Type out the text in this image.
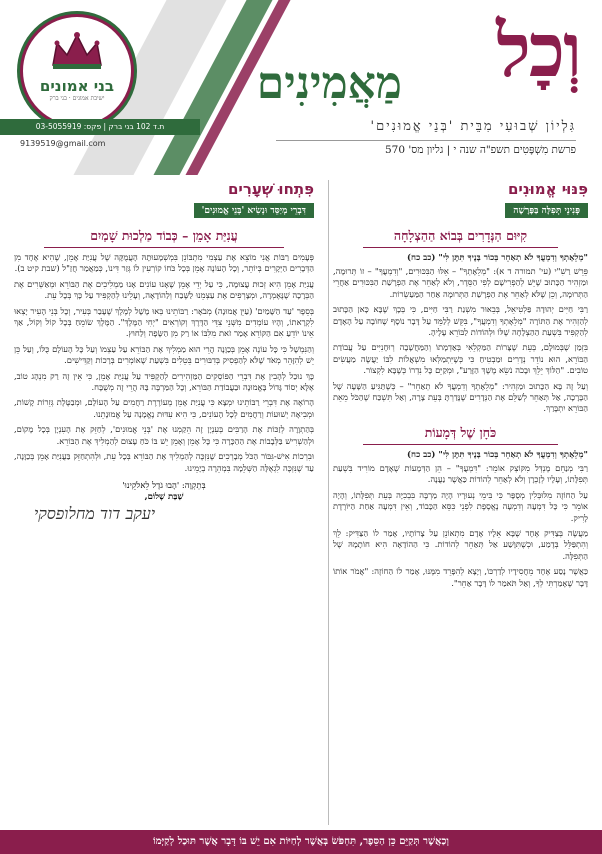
בני אמונים
ישיבת אמונים · בני ברק
וְכָל
מַאֲמִינִים
גִּלְיוֹן שְׁבוּעִי מִבֵּית 'בְּנֵי אֱמוּנִים'
פרשת מִשְׁפָּטִים תשפ"ה שנה י | גליון מס' 570
ת.ד 102 בני ברק | פקס: 03-5055919
9139519@gmail.com
פִּנּוּי אֱמוּנִים
פְּנִינֵי תְּפִלָּה בַּפָּרָשָׁה
קִיּוּם הַנְּדָרִים בְּבוֹא הַהַצְלָחָה
"מְלֵאָתְךָ וְדִמְעֲךָ לֹא תְאַחֵר בְּכוֹר בָּנֶיךָ תִּתֶּן לִּי" (כב כח)

פֵּרֵשׁ רַשִׁ"י (עי' תמורה ד א): "מְלֵאָתְךָ" – אֵלּוּ הַבִּכּוּרִים, "וְדִמְעֲךָ" – זוֹ תְּרוּמָה, וּמַזְהִיר הַכָּתוּב שֶׁיֵּשׁ לְהַפְרִישָׁם לְפִי הַסֵּדֶר, וְלֹא לְאַחֵר אֶת הַפְרָשַׁת הַבִּכּוּרִים אַחֲרֵי הַתְּרוּמָה, וְכֵן שֶׁלֹּא לְאַחֵר אֶת הַפְרָשַׁת הַתְּרוּמָה אַחַר הַמַּעַשְׂרוֹת.

רַבִּי חַיִּים יְהוּדָה פַּלְטִיאֵל, בְּבֵאוּר מִשְׁנַת רַבִּי חַיִּים, כִּי בְּכָךְ שֶׁבָּא כָּאן הַכָּתוּב לְהַזְהִיר אֶת הַתּוֹרָה "מְלֵאָתְךָ וְדִמְעֲךָ", בִּקֵּשׁ לְלַמֵּד עַל דָּבָר נוֹסָף שֶׁחוֹבָה עַל הָאָדָם לְהַקְפִּיד בִּשְׁעַת הַהַצְלָחָה שֶׁלּוֹ וּלְהוֹדוֹת לַבּוֹרֵא עָלֶיהָ.

בִּזְמַן שֶׁבְּמוּלָם, בְּעֵת שֶׁצָּרוֹת הַמַּקְלֵאִי בְּאַדְמָתוֹ וְהַמַּחֲשָׁבָה רְוּחָנִיִּים עַל עֲבוֹדַת הַבּוֹרֵא, הוּא נוֹדֵר נְדָרִים וּמַבְטִיחַ כִּי כְּשֶׁיִּתְמַלְּאוּ מִשְׁאֲלוֹת לִבּוֹ יַעֲשֶׂה מַעֲשִׂים טוֹבִים. "הַלּוֹךְ יֵלֵךְ וּבָכֹה נֹשֵׂא מֶשֶׁךְ הַזָּרַע", וּמְקַיֵּם כָּל נִדְרוֹ כְּשֶׁבָּא לִקְצוֹר.

וְעַל זֶה בָּא הַכָּתוּב וּמַזְהִיר: "מְלֵאָתְךָ וְדִמְעֲךָ לֹא תְאַחֵר" – כְּשֶׁתַּגִּיעַ הַשָּׁעָה שֶׁל הַבָּרָכָה, אַל תְּאַחֵר לְשַׁלֵּם אֶת הַנְּדָרִים שֶׁנָּדַרְתָּ בְּעֵת צָרָה, וְאַל תִּשְׁכַּח שֶׁהַכֹּל מֵאֵת הַבּוֹרֵא יִתְבָּרַךְ.

כֹּחָן שֶׁל דְּמָעוֹת
"מְלֵאָתְךָ וְדִמְעֲךָ לֹא תְאַחֵר בְּכוֹר בָּנֶיךָ תִּתֶּן לִּי" (כב כח)

רַבִּי מְנַחֵם מֶנְדְּל מִקּוֹצְק אוֹמֵר: "דִּמְעֲךָ" – הֵן הַדְּמָעוֹת שֶׁאָדָם מוֹרִיד בִּשְׁעַת תְּפִלָּתוֹ, וְעָלָיו לְזָכְרָן וְלֹא לְאַחֵר לְהוֹדוֹת כַּאֲשֶׁר נַעֲנָה.

עַל הַחוֹזֶה מִלּוּבְּלִין מְסֻפָּר כִּי בִּימֵי נְעוּרָיו הָיָה מַרְבֶּה בִּבְכִיָּה בְּעֵת תְּפִלָּתוֹ, וְהָיָה אוֹמֵר כִּי כָּל דִּמְעָה וְדִמְעָה נֶאֱסֶפֶת לִפְנֵי כִּסֵּא הַכָּבוֹד, וְאֵין דִּמְעָה אַחַת הַיּוֹרֶדֶת לָרִיק.

מַעֲשֶׂה בְּצַדִּיק אֶחָד שֶׁבָּא אֵלָיו אָדָם מִתְאוֹנֵן עַל צָרוֹתָיו, אָמַר לוֹ הַצַּדִּיק: לֵךְ וְהִתְפַּלֵּל בְּדֶמַע, וּכְשֶׁתִּוָּשַׁע אַל תְּאַחֵר לְהוֹדוֹת. כִּי הַהוֹדָאָה הִיא חוֹתָמָהּ שֶׁל הַתְּפִלָּה.

כַּאֲשֶׁר נָסַע אֶחָד מֵחֲסִידָיו לְדַרְכּוֹ, וְיָצָא לְהִפָּרֵד מִמֶּנּוּ, אָמַר לוֹ הַחוֹזֶה: "אֲמֹר אוֹתוֹ דָּבָר שֶׁאָמַרְתִּי לְךָ, וְאַל תֹּאמַר לוֹ דָּבָר אַחֵר".

פִּתְחוּ שְׁעָרִים
דִּבְרֵי מְיַסֵּד וּנְשִׂיא 'בְּנֵי אֱמוּנִים'
עֲנִיַּת אָמֵן – כְּבוֹד מַלְכוּת שָׁמַיִם

פְּעָמִים רַבּוֹת אֲנִי מוֹצֵא אֶת עַצְמִי מִתְבּוֹנֵן בִּמְשְׁמָעוּתָהּ הָעֲמֻקָּה שֶׁל עֲנִיַּת אָמֵן, שֶׁהִיא אֶחָד מִן הַדְּבָרִים הַיְּקָרִים בְּיוֹתֵר, וְכָל הָעוֹנֶה אָמֵן בְּכָל כֹּחוֹ קוֹרְעִין לוֹ גְּזַר דִּינוֹ, כְּמַאֲמַר חֲזַ"ל (שבת קיט ב).

עֲנִיַּת אָמֵן הִיא זְכוּת עֲצוּמָה, כִּי עַל יְדֵי אָמֵן שֶׁאָנוּ עוֹנִים אָנוּ מַמְלִיכִים אֶת הַבּוֹרֵא וּמְאַשְּׁרִים אֶת הַבְּרָכָה שֶׁנֶּאֶמְרָה, וּמְצָרְפִים אֶת עַצְמֵנוּ לַשֶּׁבַח וְלַהוֹדָאָה, וְעָלֵינוּ לְהַקְפִּיד עַל כָּךְ בְּכָל עֵת.

בְּסֵפֶר 'עַד הַשָּׁמַיִם' (עַיֵּן אֲמוּנָה) מְבֹאָר: רַבּוֹתֵינוּ בְּאוּ מָשָׁל לְמֶלֶךְ שֶׁעָבַר בְּעִיר, וְכָל בְּנֵי הָעִיר יָצְאוּ לִקְרָאתוֹ, וְהָיוּ עוֹמְדִים מִשְּׁנֵי צִדֵּי הַדֶּרֶךְ וְקוֹרְאִים "יְחִי הַמֶּלֶךְ". הַמֶּלֶךְ שׂוֹמֵחַ בְּכָל קוֹל וְקוֹל, אַךְ אֵינוֹ יוֹדֵעַ אִם הַקּוֹרֵא אָמַר זֹאת מִלִּבּוֹ אוֹ רַק מִן הַשָּׂפָה וְלַחוּץ.

וְהַנִּמְשָׁל כִּי כָּל עוֹנֶה אָמֵן בְּכַוָּנָה הֲרֵי הוּא מַמְלִיךְ אֶת הַבּוֹרֵא עַל עַצְמוֹ וְעַל כָּל הָעוֹלָם כֻּלּוֹ, וְעַל כֵּן יֵשׁ לְהִזָּהֵר מְאֹד שֶׁלֹּא לְהַפְסִיק בְּדִבּוּרִים בֵּטֵלִים בִּשְׁעַת שֶׁאוֹמְרִים בְּרָכוֹת וְקַדִּישִׁים.

כָּךְ נוּכַל לְהָבִין אֶת דִּבְרֵי הַפּוֹסְקִים הַמַּזְהִירִים לְהַקְפִּיד עַל עֲנִיַּת אָמֵן, כִּי אֵין זֶה רַק מִנְהָג טוֹב, אֶלָּא יְסוֹד גָּדוֹל בָּאֱמוּנָה וּבַעֲבוֹדַת הַבּוֹרֵא, וְכָל הַמַּרְבֶּה בָּהּ הֲרֵי זֶה מְשֻׁבָּח.

הָרוֹאֶה אֶת דִּבְרֵי רַבּוֹתֵינוּ יִמְצָא כִּי עֲנִיַּת אָמֵן מְעוֹרֶרֶת רַחֲמִים עַל הָעוֹלָם, וּמְבַטֶּלֶת גְּזֵרוֹת קָשׁוֹת, וּמְבִיאָה יְשׁוּעוֹת וְרַחֲמִים לְכָל הָעוֹנִים, כִּי הִיא עִדּוּת נֶאֱמָנָה עַל אֱמוּנָתֵנוּ.

בְּהַתְוָרָה לְזַכּוֹת אֶת הָרַבִּים בְּעִנְיָן זֶה הֵקַמְנוּ אֶת 'בְּנֵי אֱמוּנִים', לְחַזֵּק אֶת הָעִנְיָן בְּכָל מָקוֹם, וּלְהַשְׁרִישׁ בַּלְּבָבוֹת אֶת הַהַכָּרָה כִּי כָּל אָמֵן וְאָמֵן יֵשׁ בּוֹ כֹּחַ עָצוּם לְהַמְלִיךְ אֶת הַבּוֹרֵא.

וּבִרְכוֹת אִישׁ-גִּבּוֹר הַכֹּל מְבָרְכִים שֶׁנִּזְכֶּה לְהַמְלִיךְ אֶת הַבּוֹרֵא בְּכָל עֵת, וּלְהִתְחַזֵּק בַּעֲנִיַּת אָמֵן בְּכַוָּנָה, עַד שֶׁנִּזְכֶּה לִגְאֻלָּה הַשְּׁלֵמָה בִּמְהֵרָה בְיָמֵינוּ.

בְּתְקְוָה: 'הָבוּ גֹדֶל לֵאלֹקֵינוּ'
שַׁבַּת שָׁלוֹם,
יעקב דוד מחלופסקי
וְכַאֲשֶׁר תְּקַיֵּם כֵּן הַסֵּפֶר, תִּחְפֹּשׂ בְּאֲשֶׁר לְחַיּוֹת אִם יֵשׁ בּוֹ דָּבָר אֲשֶׁר תּוּכַל לְקַיְּמוֹ
